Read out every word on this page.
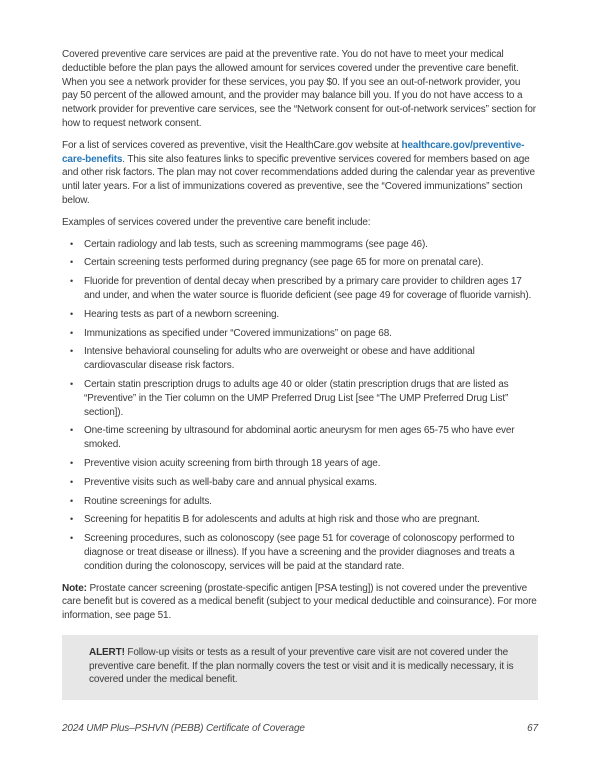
Covered preventive care services are paid at the preventive rate. You do not have to meet your medical deductible before the plan pays the allowed amount for services covered under the preventive care benefit. When you see a network provider for these services, you pay $0. If you see an out-of-network provider, you pay 50 percent of the allowed amount, and the provider may balance bill you. If you do not have access to a network provider for preventive care services, see the “Network consent for out-of-network services” section for how to request network consent.

For a list of services covered as preventive, visit the HealthCare.gov website at healthcare.gov/preventive-care-benefits. This site also features links to specific preventive services covered for members based on age and other risk factors. The plan may not cover recommendations added during the calendar year as preventive until later years. For a list of immunizations covered as preventive, see the “Covered immunizations” section below.

Examples of services covered under the preventive care benefit include:

•	Certain radiology and lab tests, such as screening mammograms (see page 46).
•	Certain screening tests performed during pregnancy (see page 65 for more on prenatal care).
•	Fluoride for prevention of dental decay when prescribed by a primary care provider to children ages 17 and under, and when the water source is fluoride deficient (see page 49 for coverage of fluoride varnish).
•	Hearing tests as part of a newborn screening.
•	Immunizations as specified under “Covered immunizations” on page 68.
•	Intensive behavioral counseling for adults who are overweight or obese and have additional cardiovascular disease risk factors.
•	Certain statin prescription drugs to adults age 40 or older (statin prescription drugs that are listed as “Preventive” in the Tier column on the UMP Preferred Drug List [see “The UMP Preferred Drug List” section]).
•	One-time screening by ultrasound for abdominal aortic aneurysm for men ages 65-75 who have ever smoked.
•	Preventive vision acuity screening from birth through 18 years of age.
•	Preventive visits such as well-baby care and annual physical exams.
•	Routine screenings for adults.
•	Screening for hepatitis B for adolescents and adults at high risk and those who are pregnant.
•	Screening procedures, such as colonoscopy (see page 51 for coverage of colonoscopy performed to diagnose or treat disease or illness). If you have a screening and the provider diagnoses and treats a condition during the colonoscopy, services will be paid at the standard rate.

Note: Prostate cancer screening (prostate-specific antigen [PSA testing]) is not covered under the preventive care benefit but is covered as a medical benefit (subject to your medical deductible and coinsurance). For more information, see page 51.

ALERT! Follow-up visits or tests as a result of your preventive care visit are not covered under the preventive care benefit. If the plan normally covers the test or visit and it is medically necessary, it is covered under the medical benefit.
2024 UMP Plus–PSHVN (PEBB) Certificate of Coverage	67
